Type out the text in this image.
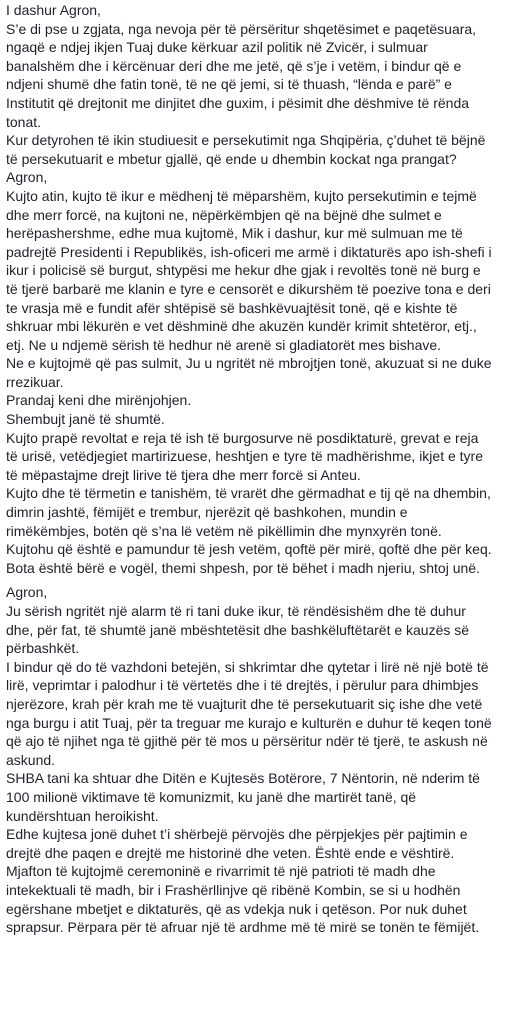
I dashur Agron,

S’e di pse u zgjata, nga nevoja për të përsëritur shqetësimet e paqetësuara, ngaqë e ndjej ikjen Tuaj duke kërkuar azil politik në Zvicër, i sulmuar banalshëm dhe i kërcënuar deri dhe me jetë, që s’je i vetëm, i bindur që e ndjeni shumë dhe fatin tonë, të ne që jemi, si të thuash, “lënda e parë” e Institutit që drejtonit me dinjitet dhe guxim, i pësimit dhe dëshmive të rënda tonat.

Kur detyrohen të ikin studiuesit e persekutimit nga Shqipëria, ç’duhet të bëjnë të persekutuarit e mbetur gjallë, që ende u dhembin kockat nga prangat?

Agron,

Kujto atin, kujto të ikur e mëdhenj të mëparshëm, kujto persekutimin e tejmë dhe merr forcë, na kujtoni ne, nëpërkëmbjen që na bëjnë dhe sulmet e herëpashershme, edhe mua kujtomë, Mik i dashur, kur më sulmuan me të padrejtë Presidenti i Republikës, ish-oficeri me armë i diktaturës apo ish-shefi i ikur i policisë së burgut, shtypësi me hekur dhe gjak i revoltës tonë në burg e të tjerë barbarë me klanin e tyre e censorët e dikurshëm të poezive tona e deri te vrasja më e fundit afër shtëpisë së bashkëvuajtësit tonë, që e kishte të shkruar mbi lëkurën e vet dëshminë dhe akuzën kundër krimit shtetëror, etj., etj. Ne u ndjemë sërish të hedhur në arenë si gladiatorët mes bishave.

Ne e kujtojmë që pas sulmit, Ju u ngritët në mbrojtjen tonë, akuzuat si ne duke rrezikuar.

Prandaj keni dhe mirënjohjen.

Shembujt janë të shumtë.

Kujto prapë revoltat e reja të ish të burgosurve në posdiktaturë, grevat e reja të urisë, vetëdjegiet martirizuese, heshtjen e tyre të madhërishme, ikjet e tyre të mëpastajme drejt lirive të tjera dhe merr forcë si Anteu.

Kujto dhe të tërmetin e tanishëm, të vrarët dhe gërmadhat e tij që na dhembin, dimrin jashtë, fëmijët e trembur, njerëzit që bashkohen, mundin e rimëkëmbjes, botën që s’na lë vetëm në pikëllimin dhe mynxyrën tonë.

Kujtohu që është e pamundur të jesh vetëm, qoftë për mirë, qoftë dhe për keq.

Bota është bërë e vogël, themi shpesh, por të bëhet i madh njeriu, shtoj unë.

Agron,

Ju sërish ngritët një alarm të ri tani duke ikur, të rëndësishëm dhe të duhur dhe, për fat, të shumtë janë mbështetësit dhe bashkëluftëtarët e kauzës së përbashkët.

I bindur që do të vazhdoni betejën, si shkrimtar dhe qytetar i lirë në një botë të lirë, veprimtar i palodhur i të vërtetës dhe i të drejtës, i përulur para dhimbjes njerëzore, krah për krah me të vuajturit dhe të persekutuarit siç ishe dhe vetë nga burgu i atit Tuaj, për ta treguar me kurajo e kulturën e duhur të keqen tonë që ajo të njihet nga të gjithë për të mos u përsëritur ndër të tjerë, te askush në askund.

SHBA tani ka shtuar dhe Ditën e Kujtesës Botërore, 7 Nëntorin, në nderim të 100 milionë viktimave të komunizmit, ku janë dhe martirët tanë, që kundërshtuan heroikisht.

Edhe kujtesa jonë duhet t’i shërbejë përvojës dhe përpjekjes për pajtimin e drejtë dhe paqen e drejtë me historinë dhe veten. Është ende e vështirë.

Mjafton të kujtojmë ceremoninë e rivarrimit të një patrioti të madh dhe intekektuali të madh, bir i Frashërllinjve që ribënë Kombin, se si u hodhën egërshane mbetjet e diktaturës, që as vdekja nuk i qetëson. Por nuk duhet sprapsur. Përpara për të afruar një të ardhme më të mirë se tonën te fëmijët.
